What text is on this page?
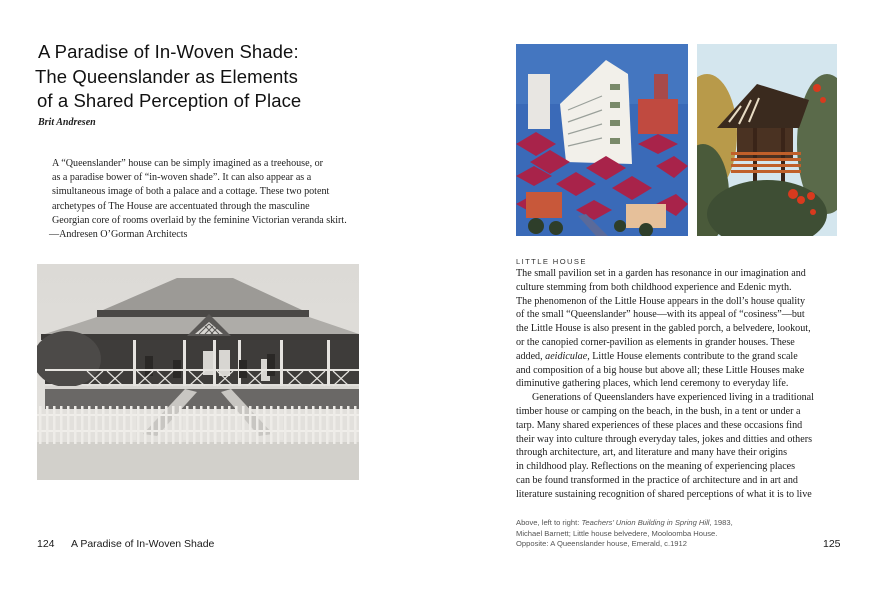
A Paradise of In-Woven Shade:
The Queenslander as Elements
of a Shared Perception of Place
Brit Andresen
A “Queenslander” house can be simply imagined as a treehouse, or
as a paradise bower of “in-woven shade”. It can also appear as a
simultaneous image of both a palace and a cottage. These two potent
archetypes of The House are accentuated through the masculine
Georgian core of rooms overlaid by the feminine Victorian veranda skirt.
—Andresen O’Gorman Architects
124 A Paradise of In-Woven Shade
LITTLE HOUSE
The small pavilion set in a garden has resonance in our imagination and
culture stemming from both childhood experience and Edenic myth.
The phenomenon of the Little House appears in the doll’s house quality
of the small “Queenslander” house—with its appeal of “cosiness”—but
the Little House is also present in the gabled porch, a belvedere, lookout,
or the canopied corner-pavilion as elements in grander houses. These
added, aeidiculae, Little House elements contribute to the grand scale
and composition of a big house but above all; these Little Houses make
diminutive gathering places, which lend ceremony to everyday life.
Generations of Queenslanders have experienced living in a traditional
timber house or camping on the beach, in the bush, in a tent or under a
tarp. Many shared experiences of these places and these occasions find
their way into culture through everyday tales, jokes and ditties and others
through architecture, art, and literature and many have their origins
in childhood play. Reflections on the meaning of experiencing places
can be found transformed in the practice of architecture and in art and
literature sustaining recognition of shared perceptions of what it is to live
Above, left to right: Teachers’ Union Building in Spring Hill, 1983,
Michael Barnett; Little house belvedere, Mooloomba House.
Opposite: A Queenslander house, Emerald, c.1912	125
